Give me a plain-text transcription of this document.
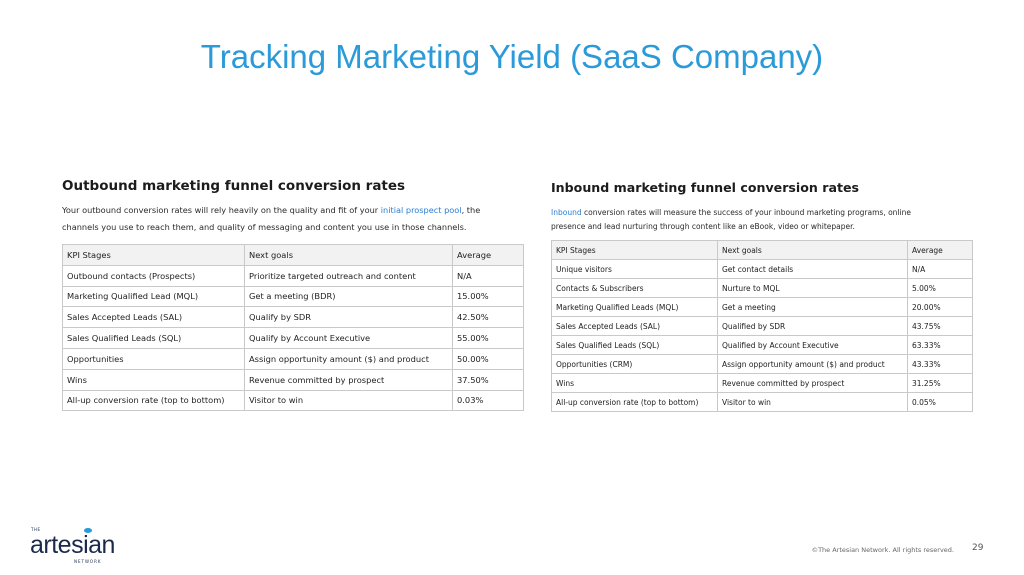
Tracking Marketing Yield (SaaS Company)
Outbound marketing funnel conversion rates
Your outbound conversion rates will rely heavily on the quality and fit of your initial prospect pool, the
channels you use to reach them, and quality of messaging and content you use in those channels.
KPI Stages	Next goals	Average
Outbound contacts (Prospects)	Prioritize targeted outreach and content	N/A
Marketing Qualified Lead (MQL)	Get a meeting (BDR)	15.00%
Sales Accepted Leads (SAL)	Qualify by SDR	42.50%
Sales Qualified Leads (SQL)	Qualify by Account Executive	55.00%
Opportunities	Assign opportunity amount ($) and product	50.00%
Wins	Revenue committed by prospect	37.50%
All-up conversion rate (top to bottom)	Visitor to win	0.03%
Inbound marketing funnel conversion rates
Inbound conversion rates will measure the success of your inbound marketing programs, online
presence and lead nurturing through content like an eBook, video or whitepaper.
KPI Stages	Next goals	Average
Unique visitors	Get contact details	N/A
Contacts & Subscribers	Nurture to MQL	5.00%
Marketing Qualified Leads (MQL)	Get a meeting	20.00%
Sales Accepted Leads (SAL)	Qualified by SDR	43.75%
Sales Qualified Leads (SQL)	Qualified by Account Executive	63.33%
Opportunities (CRM)	Assign opportunity amount ($) and product	43.33%
Wins	Revenue committed by prospect	31.25%
All-up conversion rate (top to bottom)	Visitor to win	0.05%
THE
artesian
NETWORK
©The Artesian Network. All rights reserved. 29
